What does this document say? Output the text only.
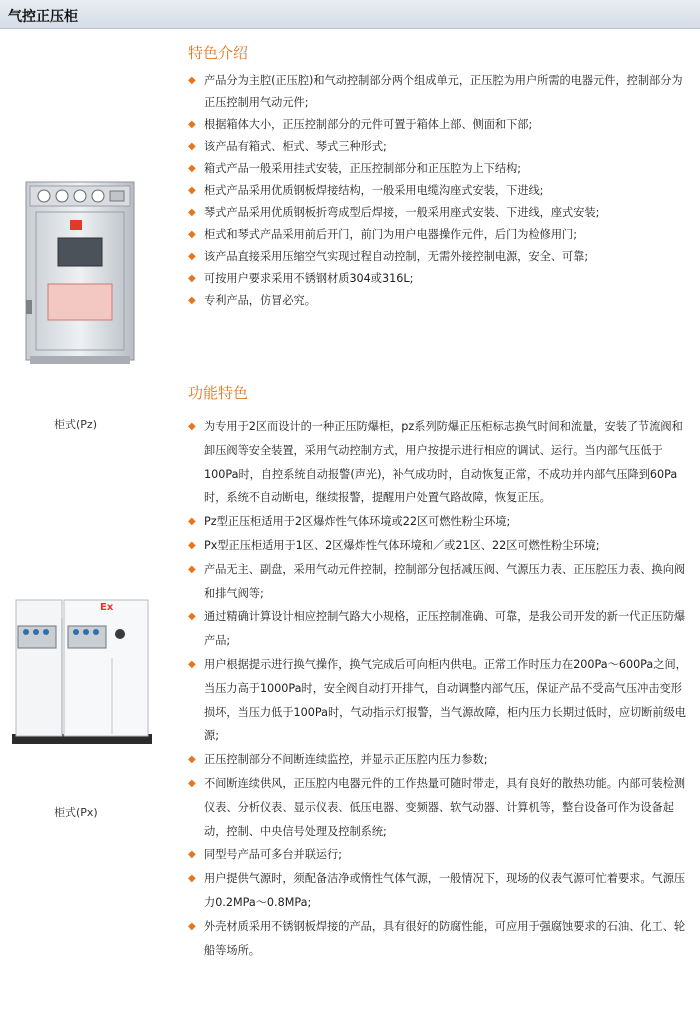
气控正压柜
特色介绍
◆ 产品分为主腔(正压腔)和气动控制部分两个组成单元，正压腔为用户所需的电器元件，控制部分为正压控制用气动元件;
◆ 根据箱体大小，正压控制部分的元件可置于箱体上部、侧面和下部;
◆ 该产品有箱式、柜式、琴式三种形式;
◆ 箱式产品一般采用挂式安装，正压控制部分和正压腔为上下结构;
◆ 柜式产品采用优质钢板焊接结构，一般采用电缆沟座式安装，下进线;
◆ 琴式产品采用优质钢板折弯成型后焊接，一般采用座式安装、下进线，座式安装;
◆ 柜式和琴式产品采用前后开门，前门为用户电器操作元件，后门为检修用门;
◆ 该产品直接采用压缩空气实现过程自动控制，无需外接控制电源，安全、可靠;
◆ 可按用户要求采用不锈钢材质304或316L;
◆ 专利产品，仿冒必究。
功能特色
◆ 为专用于2区而设计的一种正压防爆柜，pz系列防爆正压柜标志换气时间和流量，安装了节流阀和卸压阀等安全装置，采用气动控制方式，用户按提示进行相应的调试、运行。当内部气压低于100Pa时，自控系统自动报警(声光)，补气成功时，自动恢复正常，不成功并内部气压降到60Pa时，系统不自动断电，继续报警，提醒用户处置气路故障，恢复正压。
◆ Pz型正压柜适用于2区爆炸性气体环境或22区可燃性粉尘环境;
◆ Px型正压柜适用于1区、2区爆炸性气体环境和／或21区、22区可燃性粉尘环境;
◆ 产品无主、副盘，采用气动元件控制，控制部分包括减压阀、气源压力表、正压腔压力表、换向阀和排气阀等;
◆ 通过精确计算设计相应控制气路大小规格，正压控制准确、可靠，是我公司开发的新一代正压防爆产品;
◆ 用户根据提示进行换气操作，换气完成后可向柜内供电。正常工作时压力在200Pa～600Pa之间，当压力高于1000Pa时，安全阀自动打开排气，自动调整内部气压，保证产品不受高气压冲击变形损坏，当压力低于100Pa时，气动指示灯报警，当气源故障，柜内压力长期过低时，应切断前级电源;
◆ 正压控制部分不间断连续监控，并显示正压腔内压力参数;
◆ 不间断连续供风，正压腔内电器元件的工作热量可随时带走，具有良好的散热功能。内部可装检测仪表、分析仪表、显示仪表、低压电器、变频器、软气动器、计算机等，整台设备可作为设备起动，控制、中央信号处理及控制系统;
◆ 同型号产品可多台并联运行;
◆ 用户提供气源时，须配备洁净或惰性气体气源，一般情况下，现场的仪表气源可忙着要求。气源压力0.2MPa～0.8MPa;
◆ 外壳材质采用不锈钢板焊接的产品，具有很好的防腐性能，可应用于强腐蚀要求的石油、化工、轮船等场所。
柜式(Pz)
Ex
柜式(Px)
